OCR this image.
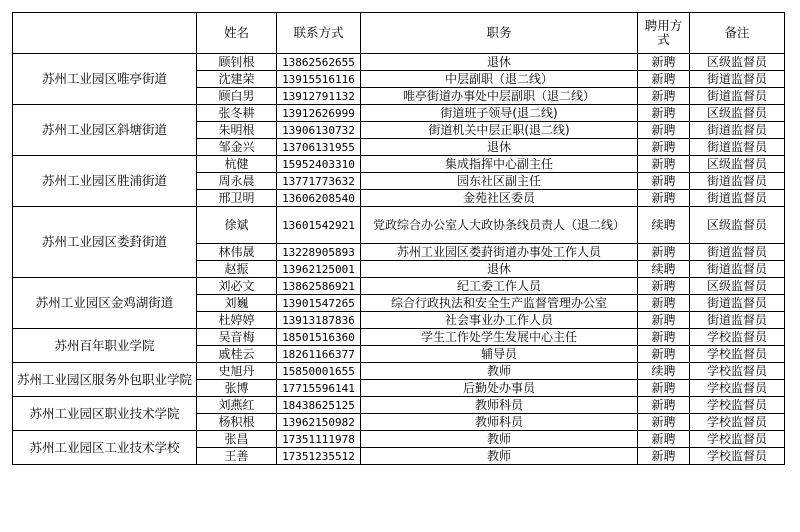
	姓名	联系方式	职务	聘用方式	备注
苏州工业园区唯亭街道	顾钊根	13862562655	退休	新聘	区级监督员
	沈建荣	13915516116	中层副职（退二线）	新聘	街道监督员
	顾白男	13912791132	唯亭街道办事处中层副职（退二线）	新聘	街道监督员
苏州工业园区斜塘街道	张冬耕	13912626999	街道班子领导(退二线)	新聘	区级监督员
	朱明根	13906130732	街道机关中层正职(退二线)	新聘	街道监督员
	邹金兴	13706131955	退休	新聘	街道监督员
苏州工业园区胜浦街道	杭健	15952403310	集成指挥中心副主任	新聘	区级监督员
	周永晨	13771773632	园东社区副主任	新聘	街道监督员
	邢卫明	13606208540	金苑社区委员	新聘	街道监督员
苏州工业园区娄葑街道	徐斌	13601542921	党政综合办公室人大政协条线员责人（退二线）	续聘	区级监督员
	林伟晟	13228905893	苏州工业园区娄葑街道办事处工作人员	新聘	街道监督员
	赵振	13962125001	退休	续聘	街道监督员
苏州工业园区金鸡湖街道	刘必文	13862586921	纪工委工作人员	新聘	区级监督员
	刘巍	13901547265	综合行政执法和安全生产监督管理办公室	新聘	街道监督员
	杜婷婷	13913187836	社会事业办工作人员	新聘	街道监督员
苏州百年职业学院	吴音梅	18501516360	学生工作处学生发展中心主任	新聘	学校监督员
	戚桂云	18261166377	辅导员	新聘	学校监督员
苏州工业园区服务外包职业学院	史旭丹	15850001655	教师	续聘	学校监督员
	张博	17715596141	后勤处办事员	新聘	学校监督员
苏州工业园区职业技术学院	刘燕红	18438625125	教师科员	新聘	学校监督员
	杨积根	13962150982	教师科员	新聘	学校监督员
苏州工业园区工业技术学校	张昌	17351111978	教师	新聘	学校监督员
	王善	17351235512	教师	新聘	学校监督员
